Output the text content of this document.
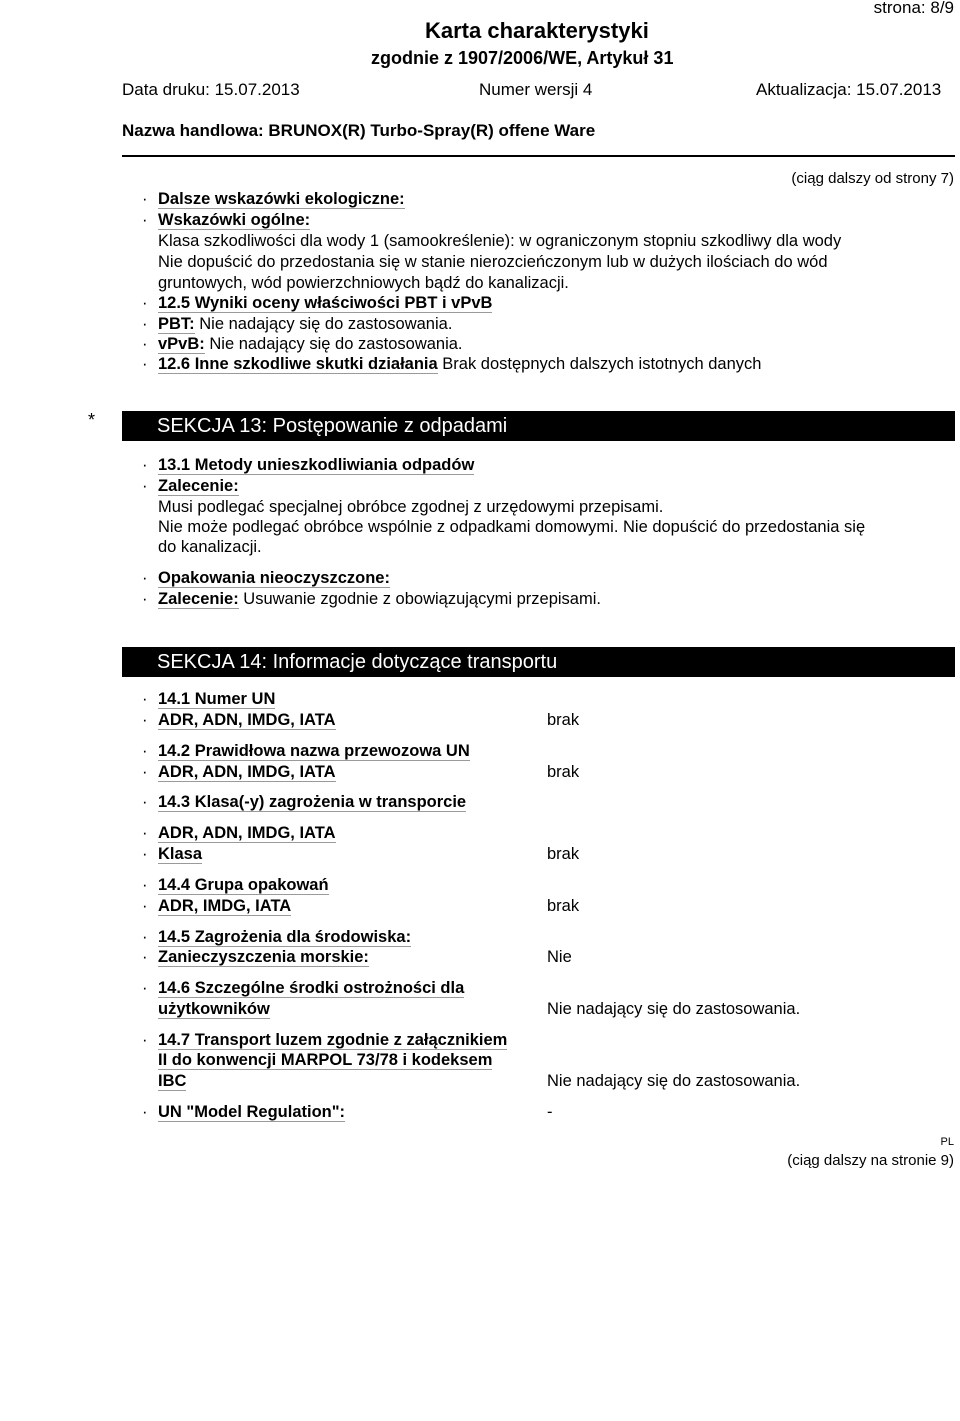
strona: 8/9
Karta charakterystyki
zgodnie z 1907/2006/WE, Artykuł 31
Data druku: 15.07.2013	Numer wersji 4	Aktualizacja: 15.07.2013
Nazwa handlowa: BRUNOX(R) Turbo-Spray(R) offene Ware
(ciąg dalszy od strony 7)
· Dalsze wskazówki ekologiczne:
· Wskazówki ogólne:
Klasa szkodliwości dla wody 1 (samookreślenie): w ograniczonym stopniu szkodliwy dla wody
Nie dopuścić do przedostania się w stanie nierozcieńczonym lub w dużych ilościach do wód
gruntowych, wód powierzchniowych bądź do kanalizacji.
· 12.5 Wyniki oceny właściwości PBT i vPvB
· PBT: Nie nadający się do zastosowania.
· vPvB: Nie nadający się do zastosowania.
· 12.6 Inne szkodliwe skutki działania Brak dostępnych dalszych istotnych danych
*	SEKCJA 13: Postępowanie z odpadami
· 13.1 Metody unieszkodliwiania odpadów
· Zalecenie:
Musi podlegać specjalnej obróbce zgodnej z urzędowymi przepisami.
Nie może podlegać obróbce wspólnie z odpadkami domowymi. Nie dopuścić do przedostania się
do kanalizacji.
· Opakowania nieoczyszczone:
· Zalecenie: Usuwanie zgodnie z obowiązującymi przepisami.
SEKCJA 14: Informacje dotyczące transportu
· 14.1 Numer UN
· ADR, ADN, IMDG, IATA	brak
· 14.2 Prawidłowa nazwa przewozowa UN
· ADR, ADN, IMDG, IATA	brak
· 14.3 Klasa(-y) zagrożenia w transporcie
· ADR, ADN, IMDG, IATA
· Klasa	brak
· 14.4 Grupa opakowań
· ADR, IMDG, IATA	brak
· 14.5 Zagrożenia dla środowiska:
· Zanieczyszczenia morskie:	Nie
· 14.6 Szczególne środki ostrożności dla
użytkowników	Nie nadający się do zastosowania.
· 14.7 Transport luzem zgodnie z załącznikiem
II do konwencji MARPOL 73/78 i kodeksem
IBC	Nie nadający się do zastosowania.
· UN "Model Regulation":	-
PL
(ciąg dalszy na stronie 9)
